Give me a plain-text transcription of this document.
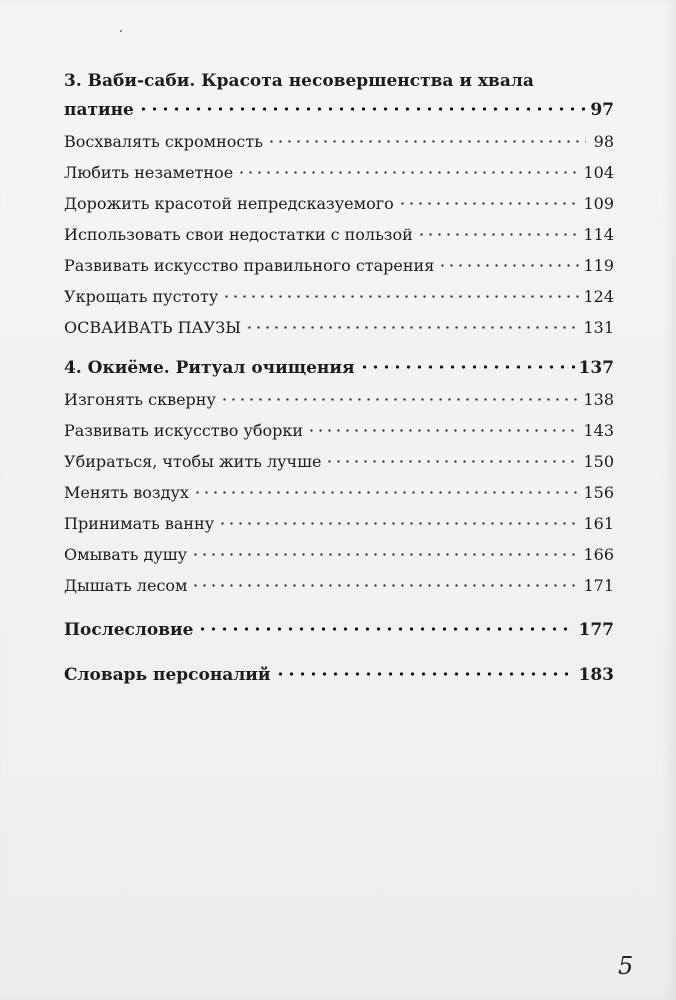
3. Ваби-саби. Красота несовершенства и хвала
патине	97
Восхвалять скромность	98
Любить незаметное	104
Дорожить красотой непредсказуемого	109
Использовать свои недостатки с пользой	114
Развивать искусство правильного старения	119
Укрощать пустоту	124
ОСВАИВАТЬ ПАУЗЫ	131
4. Окиёме. Ритуал очищения	137
Изгонять скверну	138
Развивать искусство уборки	143
Убираться, чтобы жить лучше	150
Менять воздух	156
Принимать ванну	161
Омывать душу	166
Дышать лесом	171
Послесловие	177
Словарь персоналий	183
5
